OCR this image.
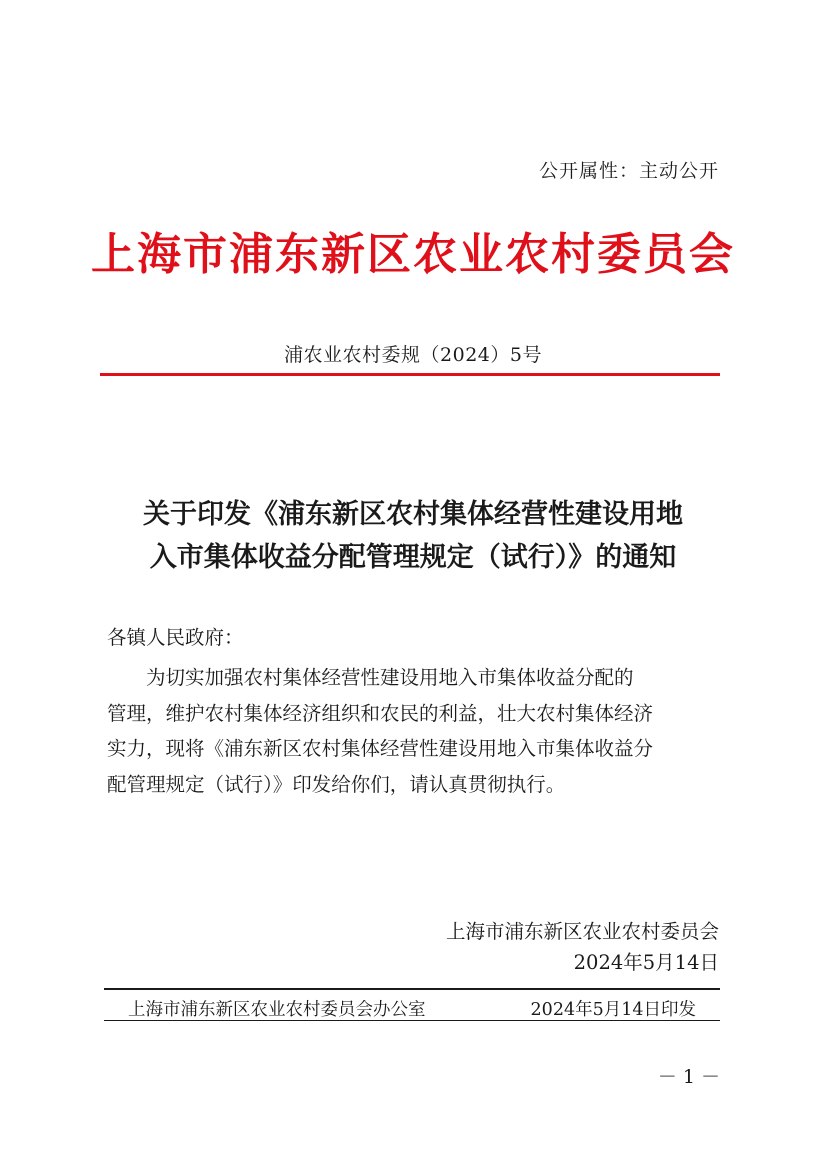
公开属性：主动公开
上海市浦东新区农业农村委员会
浦农业农村委规（2024）5号
关于印发《浦东新区农村集体经营性建设用地
入市集体收益分配管理规定（试行）》的通知
各镇人民政府：
　　为切实加强农村集体经营性建设用地入市集体收益分配的
管理，维护农村集体经济组织和农民的利益，壮大农村集体经济
实力，现将《浦东新区农村集体经营性建设用地入市集体收益分
配管理规定（试行）》印发给你们，请认真贯彻执行。
上海市浦东新区农业农村委员会
2024年5月14日
上海市浦东新区农业农村委员会办公室	2024年5月14日印发
－ 1 －
